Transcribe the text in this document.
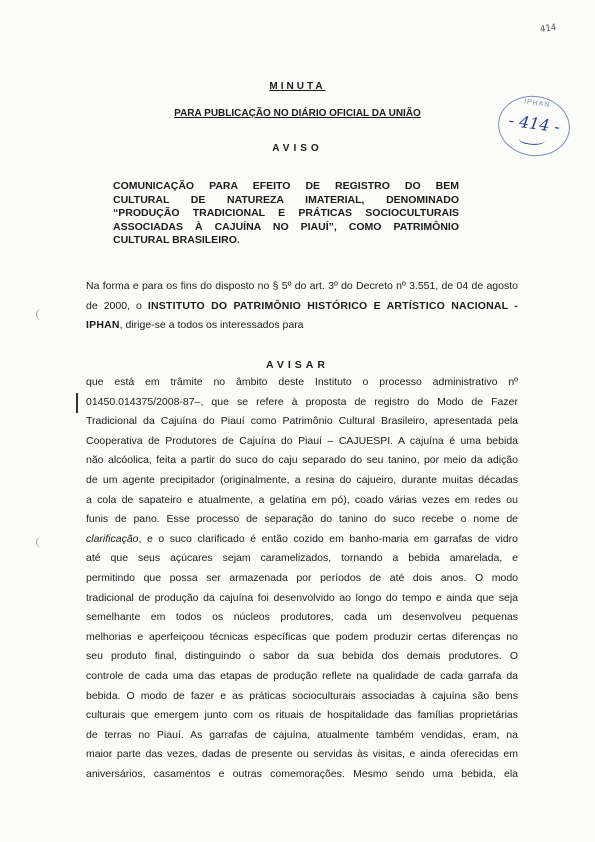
414
IPHAN
- 414 -
MINUTA
PARA PUBLICAÇÃO NO DIÁRIO OFICIAL DA UNIÃO
AVISO
COMUNICAÇÃO PARA EFEITO DE REGISTRO DO BEM
CULTURAL DE NATUREZA IMATERIAL, DENOMINADO
“PRODUÇÃO TRADICIONAL E PRÁTICAS SOCIOCULTURAIS
ASSOCIADAS À CAJUÍNA NO PIAUÍ”, COMO PATRIMÔNIO
CULTURAL BRASILEIRO.
Na forma e para os fins do disposto no § 5º do art. 3º do Decreto nº 3.551, de 04 de agosto de 2000, o INSTITUTO DO PATRIMÔNIO HISTÓRICO E ARTÍSTICO NACIONAL - IPHAN, dirige-se a todos os interessados para
AVISAR
que está em trâmite no âmbito deste Instituto o processo administrativo nº
01450.014375/2008-87–, que se refere à proposta de registro do Modo de Fazer
Tradicional da Cajuína do Piauí como Patrimônio Cultural Brasileiro, apresentada pela
Cooperativa de Produtores de Cajuína do Piauí – CAJUESPI. A cajuína é uma bebida
não alcóolica, feita a partir do suco do caju separado do seu tanino, por meio da adição
de um agente precipitador (originalmente, a resina do cajueiro, durante muitas décadas
a cola de sapateiro e atualmente, a gelatina em pó), coado várias vezes em redes ou
funis de pano. Esse processo de separação do tanino do suco recebe o nome de
clarificação, e o suco clarificado é então cozido em banho-maria em garrafas de vidro
até que seus açúcares sejam caramelizados, tornando a bebida amarelada, e
permitindo que possa ser armazenada por períodos de até dois anos. O modo
tradicional de produção da cajuína foi desenvolvido ao longo do tempo e ainda que seja
semelhante em todos os núcleos produtores, cada um desenvolveu pequenas
melhorias e aperfeiçoou técnicas específicas que podem produzir certas diferenças no
seu produto final, distinguindo o sabor da sua bebida dos demais produtores. O
controle de cada uma das etapas de produção reflete na qualidade de cada garrafa da
bebida. O modo de fazer e as práticas socioculturais associadas à cajuína são bens
culturais que emergem junto com os rituais de hospitalidade das famílias proprietárias
de terras no Piauí. As garrafas de cajuína, atualmente também vendidas, eram, na
maior parte das vezes, dadas de presente ou servidas às visitas, e ainda oferecidas em
aniversários, casamentos e outras comemorações. Mesmo sendo uma bebida, ela
